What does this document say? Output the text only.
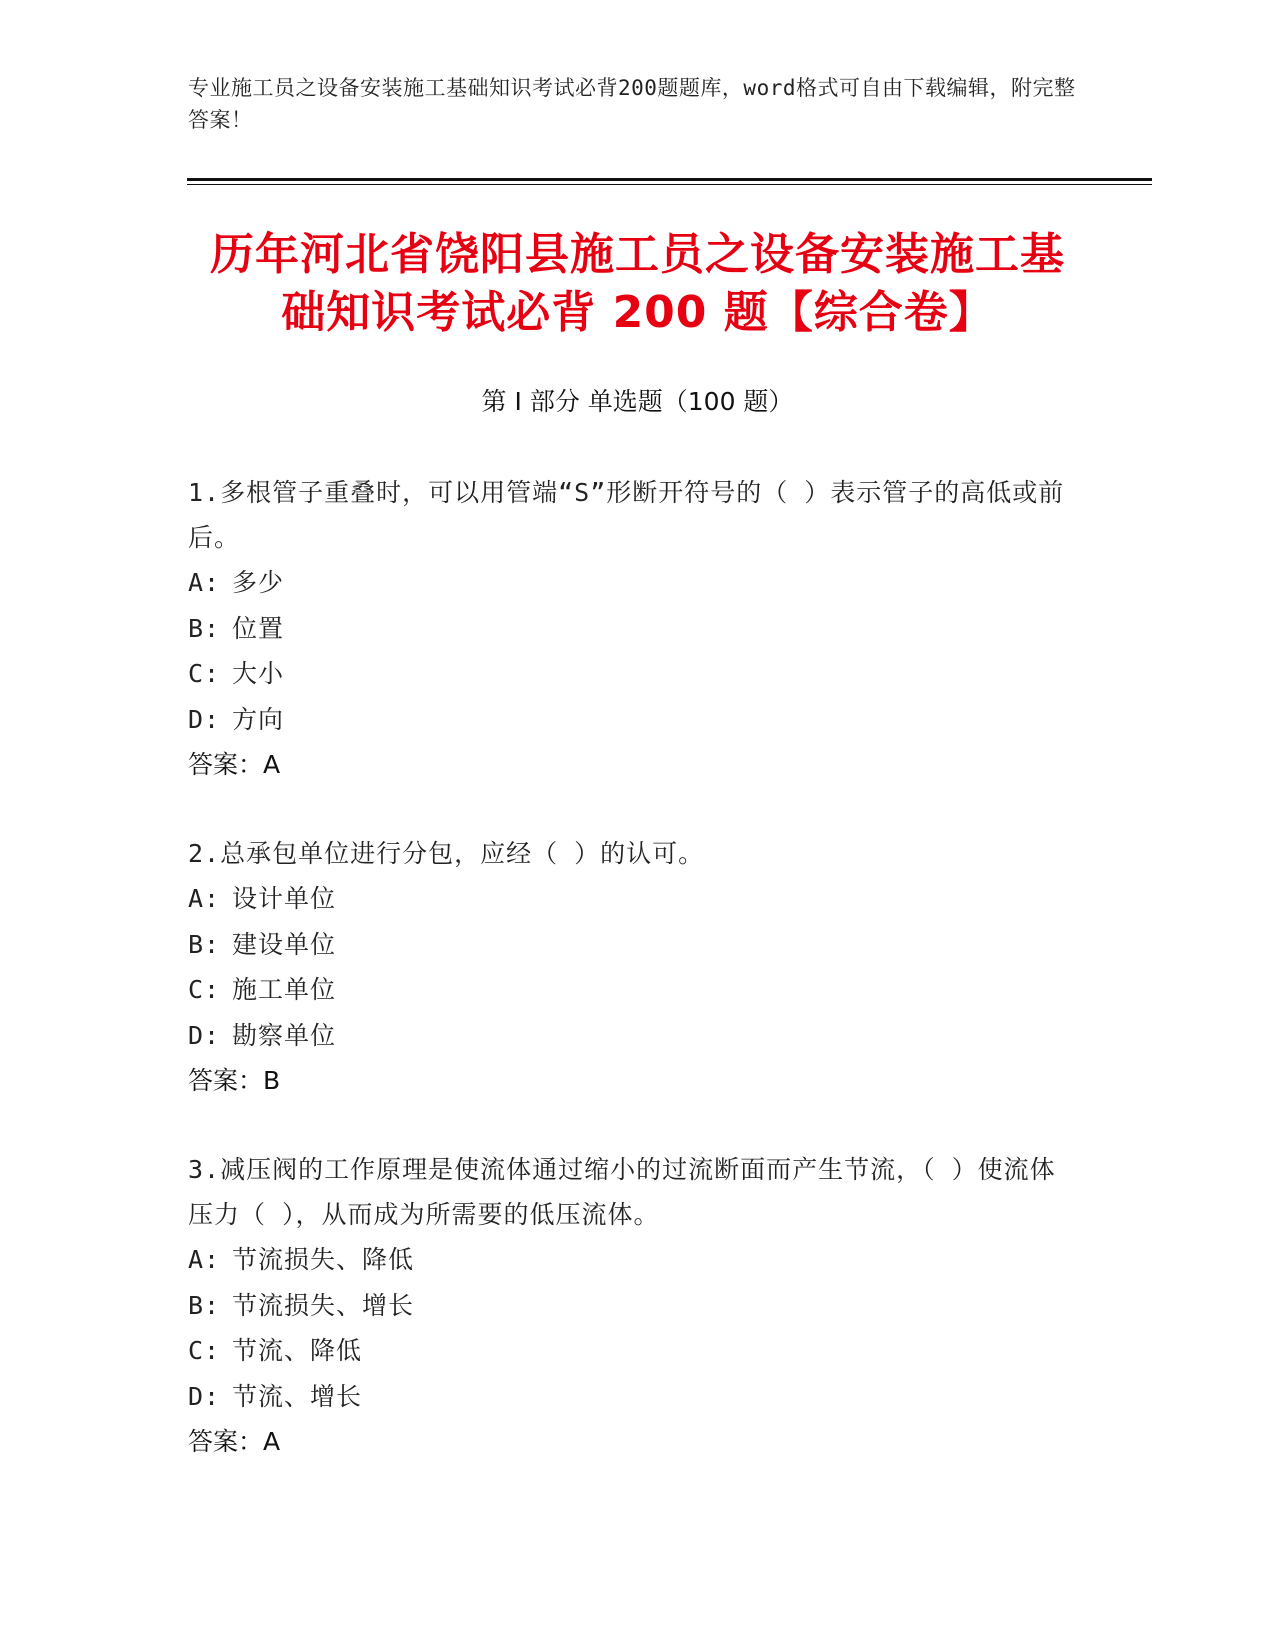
专业施工员之设备安装施工基础知识考试必背200题题库，word格式可自由下载编辑，附完整答案！
历年河北省饶阳县施工员之设备安装施工基
础知识考试必背 200 题【综合卷】
第 I 部分 单选题（100 题）

1.多根管子重叠时，可以用管端“S”形断开符号的（ ）表示管子的高低或前后。

A: 多少
B: 位置
C: 大小
D: 方向
答案：A

2.总承包单位进行分包，应经（ ）的认可。

A: 设计单位
B: 建设单位
C: 施工单位
D: 勘察单位
答案：B

3.减压阀的工作原理是使流体通过缩小的过流断面而产生节流，（ ）使流体压力（ ），从而成为所需要的低压流体。

A: 节流损失、降低
B: 节流损失、增长
C: 节流、降低
D: 节流、增长
答案：A
